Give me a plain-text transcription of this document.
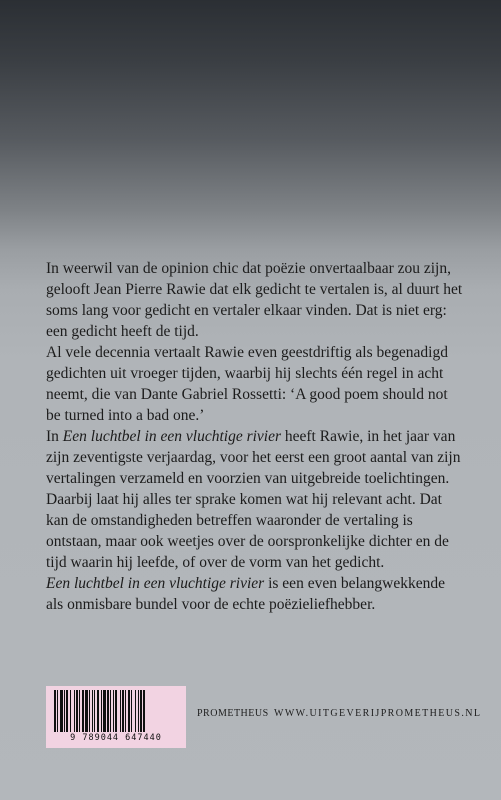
In weerwil van de opinion chic dat poëzie onvertaalbaar zou zijn, gelooft Jean Pierre Rawie dat elk gedicht te vertalen is, al duurt het soms lang voor gedicht en vertaler elkaar vinden. Dat is niet erg: een gedicht heeft de tijd.

Al vele decennia vertaalt Rawie even geestdriftig als begenadigd gedichten uit vroeger tijden, waarbij hij slechts één regel in acht neemt, die van Dante Gabriel Rossetti: ‘A good poem should not be turned into a bad one.’

In Een luchtbel in een vluchtige rivier heeft Rawie, in het jaar van zijn zeventigste verjaardag, voor het eerst een groot aantal van zijn vertalingen verzameld en voorzien van uitgebreide toelichtingen. Daarbij laat hij alles ter sprake komen wat hij relevant acht. Dat kan de omstandigheden betreffen waaronder de vertaling is ontstaan, maar ook weetjes over de oorspronkelijke dichter en de tijd waarin hij leefde, of over de vorm van het gedicht.

Een luchtbel in een vluchtige rivier is een even belangwekkende als onmisbare bundel voor de echte poëzieliefhebber.

9 789044 647440
PROMETHEUS WWW.UITGEVERIJPROMETHEUS.NL
